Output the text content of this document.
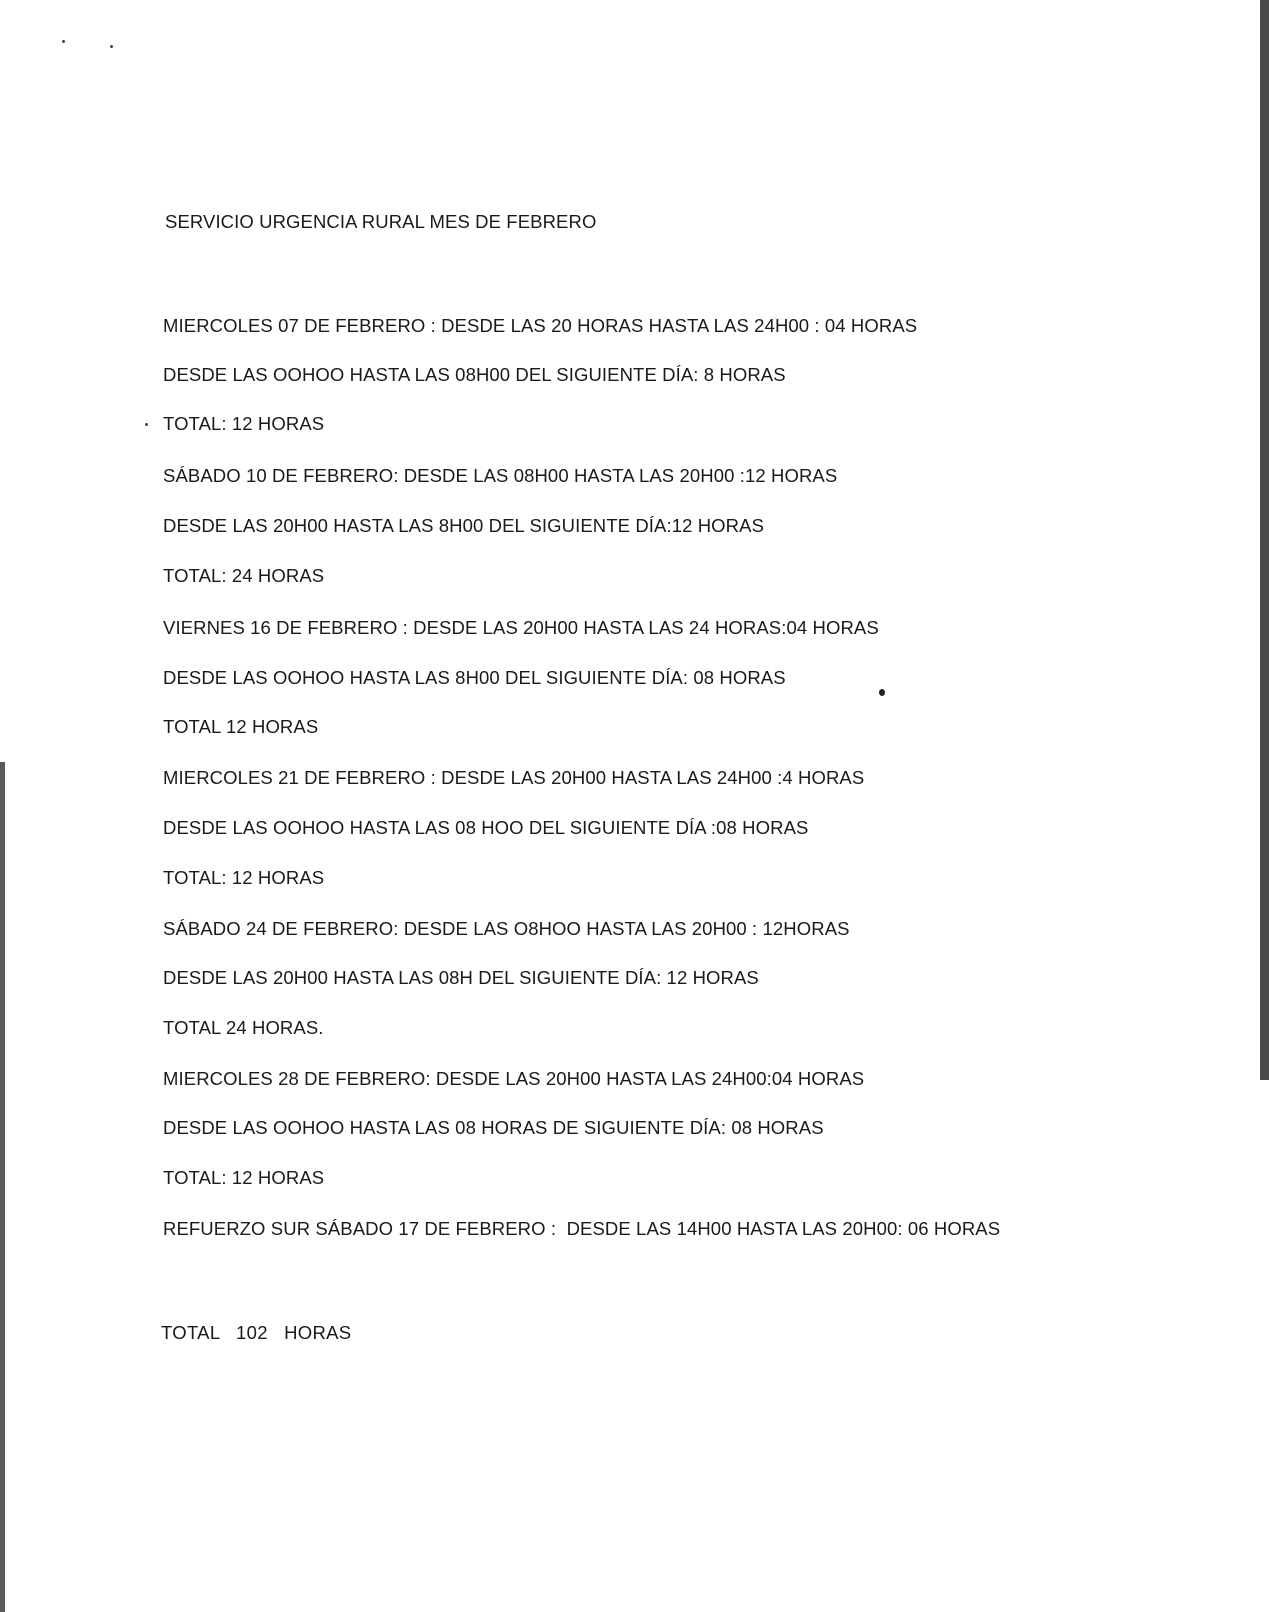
SERVICIO URGENCIA RURAL MES DE FEBRERO
MIERCOLES 07 DE FEBRERO : DESDE LAS 20 HORAS HASTA LAS 24H00 : 04 HORAS
DESDE LAS OOHOO HASTA LAS 08H00 DEL SIGUIENTE DÍA: 8 HORAS
TOTAL: 12 HORAS
SÁBADO 10 DE FEBRERO: DESDE LAS 08H00 HASTA LAS 20H00 :12 HORAS
DESDE LAS 20H00 HASTA LAS 8H00 DEL SIGUIENTE DÍA:12 HORAS
TOTAL: 24 HORAS
VIERNES 16 DE FEBRERO : DESDE LAS 20H00 HASTA LAS 24 HORAS:04 HORAS
DESDE LAS OOHOO HASTA LAS 8H00 DEL SIGUIENTE DÍA: 08 HORAS
TOTAL 12 HORAS
MIERCOLES 21 DE FEBRERO : DESDE LAS 20H00 HASTA LAS 24H00 :4 HORAS
DESDE LAS OOHOO HASTA LAS 08 HOO DEL SIGUIENTE DÍA :08 HORAS
TOTAL: 12 HORAS
SÁBADO 24 DE FEBRERO: DESDE LAS O8HOO HASTA LAS 20H00 : 12HORAS
DESDE LAS 20H00 HASTA LAS 08H DEL SIGUIENTE DÍA: 12 HORAS
TOTAL 24 HORAS.
MIERCOLES 28 DE FEBRERO: DESDE LAS 20H00 HASTA LAS 24H00:04 HORAS
DESDE LAS OOHOO HASTA LAS 08 HORAS DE SIGUIENTE DÍA: 08 HORAS
TOTAL: 12 HORAS
REFUERZO SUR SÁBADO 17 DE FEBRERO :  DESDE LAS 14H00 HASTA LAS 20H00: 06 HORAS
TOTAL   102   HORAS
